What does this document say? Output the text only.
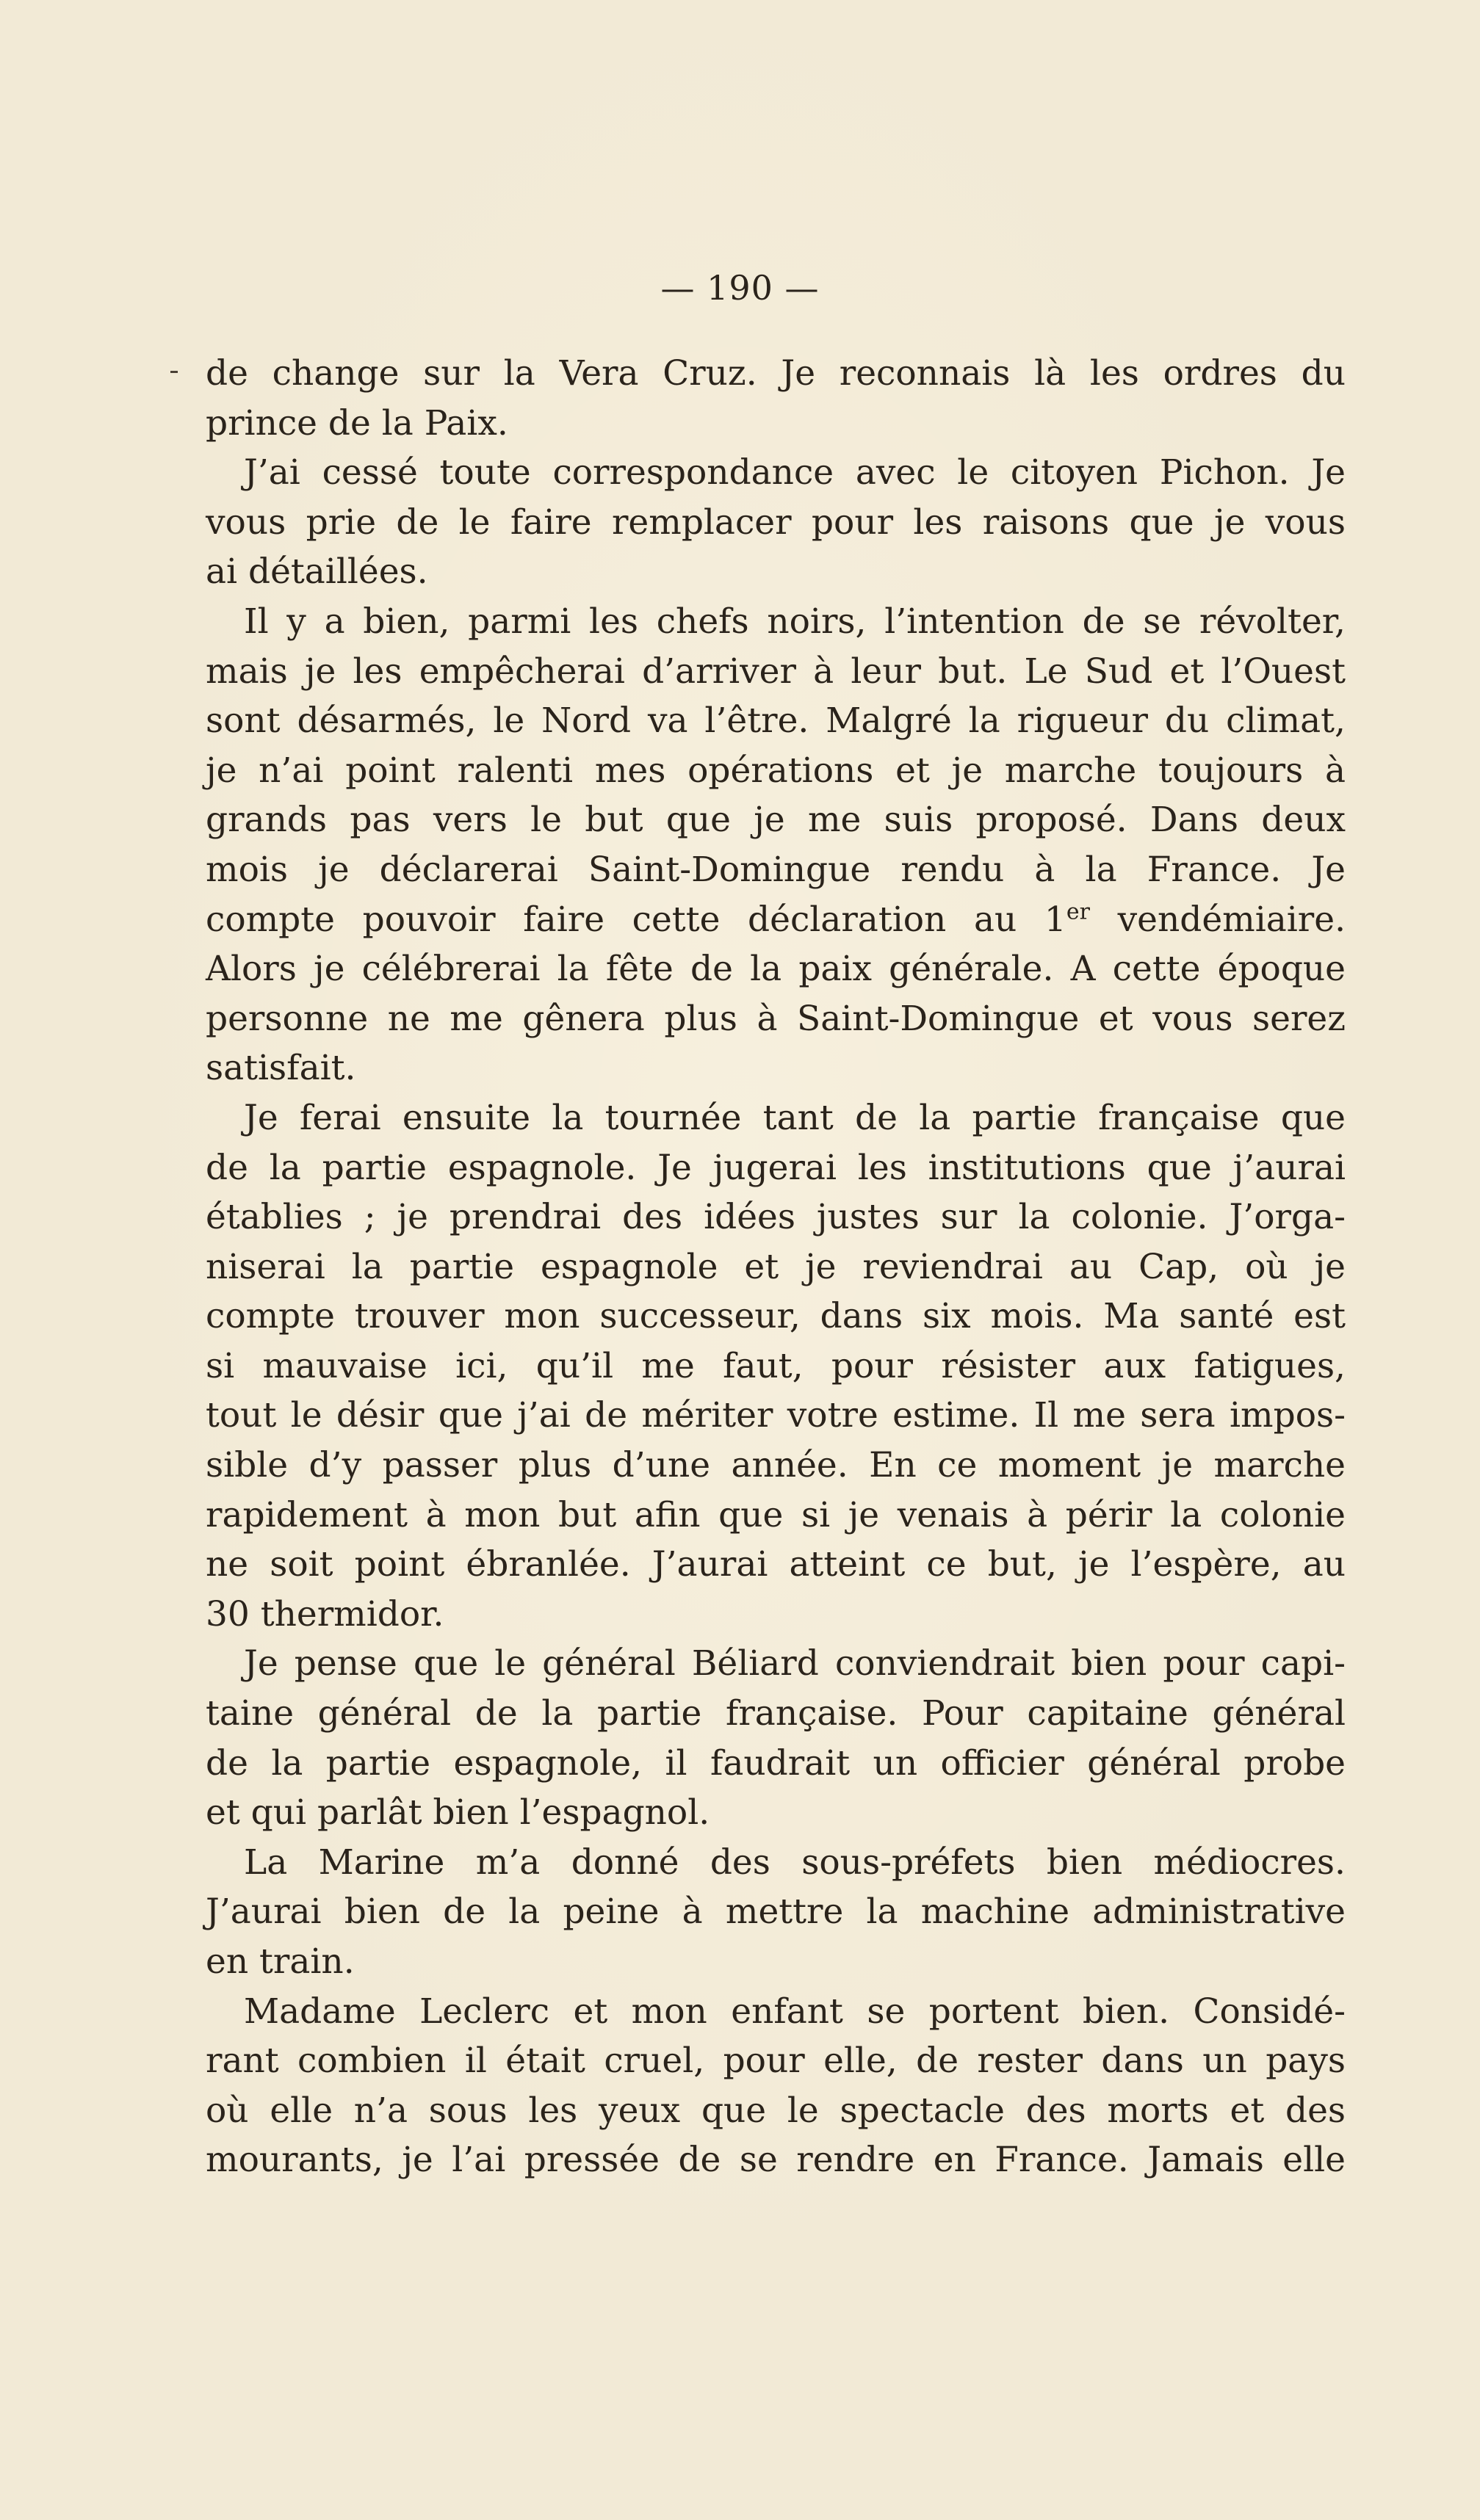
— 190 —
de change sur la Vera Cruz. Je reconnais là les ordres du
prince de la Paix.
J’ai cessé toute correspondance avec le citoyen Pichon. Je
vous prie de le faire remplacer pour les raisons que je vous
ai détaillées.
Il y a bien, parmi les chefs noirs, l’intention de se révolter,
mais je les empêcherai d’arriver à leur but. Le Sud et l’Ouest
sont désarmés, le Nord va l’être. Malgré la rigueur du climat,
je n’ai point ralenti mes opérations et je marche toujours à
grands pas vers le but que je me suis proposé. Dans deux
mois je déclarerai Saint-Domingue rendu à la France. Je
compte pouvoir faire cette déclaration au 1er vendémiaire.
Alors je célébrerai la fête de la paix générale. A cette époque
personne ne me gênera plus à Saint-Domingue et vous serez
satisfait.
Je ferai ensuite la tournée tant de la partie française que
de la partie espagnole. Je jugerai les institutions que j’aurai
établies ; je prendrai des idées justes sur la colonie. J’orga-
niserai la partie espagnole et je reviendrai au Cap, où je
compte trouver mon successeur, dans six mois. Ma santé est
si mauvaise ici, qu’il me faut, pour résister aux fatigues,
tout le désir que j’ai de mériter votre estime. Il me sera impos-
sible d’y passer plus d’une année. En ce moment je marche
rapidement à mon but afin que si je venais à périr la colonie
ne soit point ébranlée. J’aurai atteint ce but, je l’espère, au
30 thermidor.
Je pense que le général Béliard conviendrait bien pour capi-
taine général de la partie française. Pour capitaine général
de la partie espagnole, il faudrait un officier général probe
et qui parlât bien l’espagnol.
La Marine m’a donné des sous-préfets bien médiocres.
J’aurai bien de la peine à mettre la machine administrative
en train.
Madame Leclerc et mon enfant se portent bien. Considé-
rant combien il était cruel, pour elle, de rester dans un pays
où elle n’a sous les yeux que le spectacle des morts et des
mourants, je l’ai pressée de se rendre en France. Jamais elle
